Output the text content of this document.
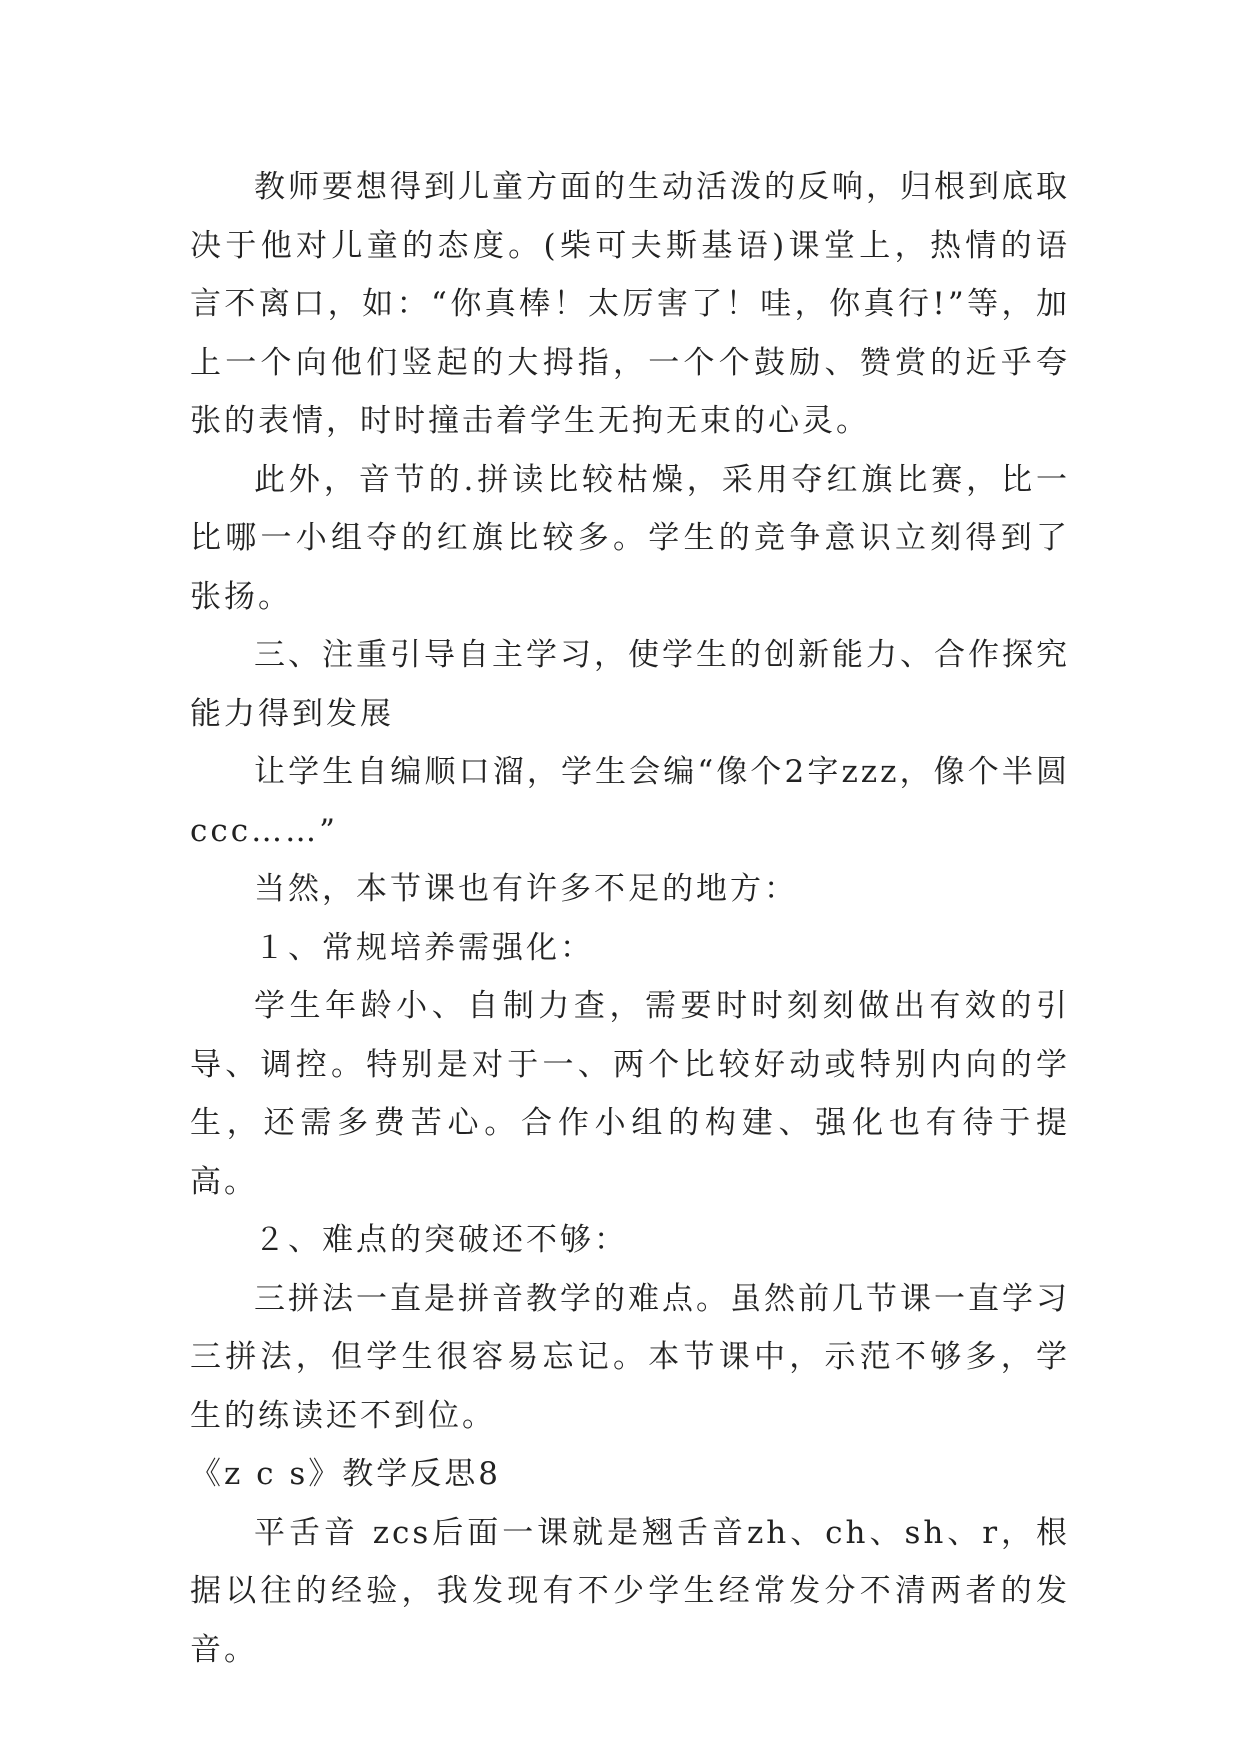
教师要想得到儿童方面的生动活泼的反响，归根到底取决于他对儿童的态度。(柴可夫斯基语)课堂上，热情的语言不离口，如：“你真棒！太厉害了！哇，你真行!”等，加上一个向他们竖起的大拇指，一个个鼓励、赞赏的近乎夸张的表情，时时撞击着学生无拘无束的心灵。

此外，音节的.拼读比较枯燥，采用夺红旗比赛，比一比哪一小组夺的红旗比较多。学生的竞争意识立刻得到了张扬。

三、注重引导自主学习，使学生的创新能力、合作探究能力得到发展

让学生自编顺口溜，学生会编“像个2字zzz，像个半圆ccc……”

当然，本节课也有许多不足的地方：

１、常规培养需强化：

学生年龄小、自制力查，需要时时刻刻做出有效的引导、调控。特别是对于一、两个比较好动或特别内向的学生，还需多费苦心。合作小组的构建、强化也有待于提高。

２、难点的突破还不够：

三拼法一直是拼音教学的难点。虽然前几节课一直学习三拼法，但学生很容易忘记。本节课中，示范不够多，学生的练读还不到位。

《z c s》教学反思8

平舌音 zcs后面一课就是翘舌音zh、ch、sh、r，根据以往的经验，我发现有不少学生经常发分不清两者的发音。
